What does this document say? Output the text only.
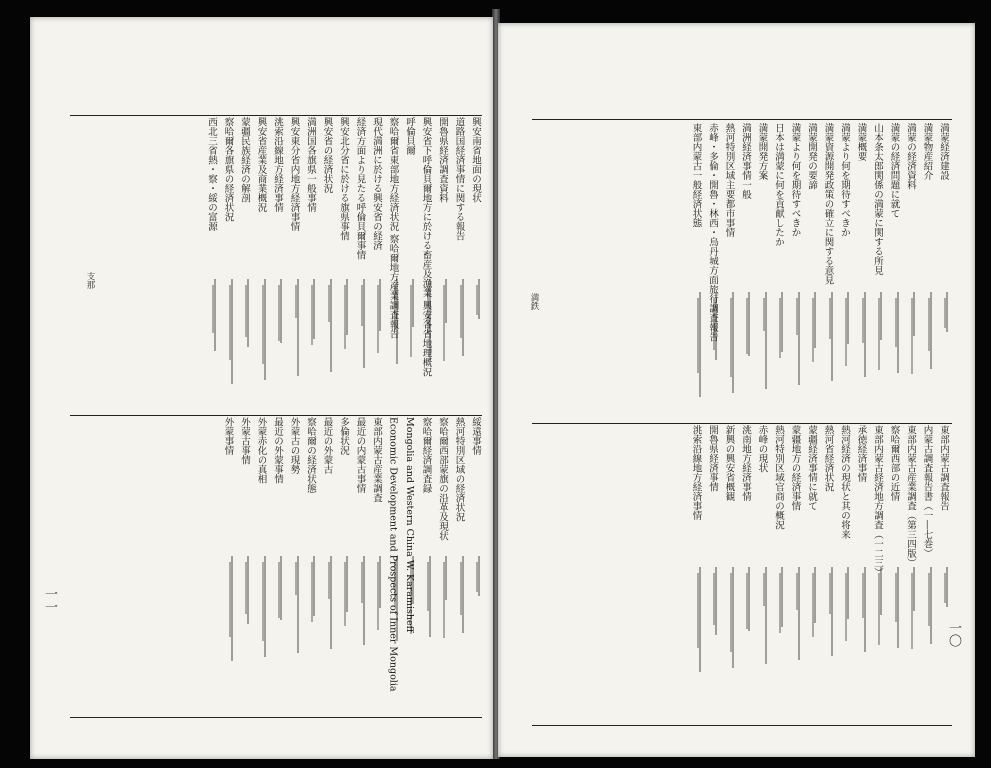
一一
支那
興安南省地面の現状
道路国経済事情に関する報告
開魯県経済調査資料
興安省下呼倫貝爾地方に於ける畜産及漁業 興安各省地理概況
呼倫貝爾
察哈爾省東部地方経済状況 察哈爾地方産業調査報告
現代満洲に於ける興安省の経済
経済方面より見たる呼倫貝爾事情
興安北分省に於ける旗県事情
興安省の経済状況
満洲国各旗県一般事情
興安東分省内地方経済事情
洮索沿線地方経済事情
興安省産業及商業概況
蒙疆民族経済の解剖
察哈爾各旗県の経済状況
西北三省熱・察・綏の富源
綏遠事情
熱河特別区域の経済状況
察哈爾西部蒙旗の沿革及現状
察哈爾経済調査録
Mongolia and Western China W. Karamisheff
Economic Development and Prospects of Inner Mongolia
東部内蒙古産業調査
最近の内蒙古事情
多倫状況
最近の外蒙古
察哈爾の経済状態
外蒙古の現勢
最近の外蒙事情
外蒙赤化の真相
外蒙古事情
外蒙事情
一〇
満鉄
満蒙経済建設
満蒙物産紹介
満蒙の経済資料
満蒙の経済問題に就て
山本条太郎関係の満蒙に関する所見
満蒙概要
満蒙より何を期待すべきか
満蒙資源開発政策の確立に関する意見
満蒙開発の要諦
満蒙より何を期待すべきか
日本は満蒙に何を貢献したか
満蒙開発方案
満洲経済事情一般
熱河特別区域主要都市事情
赤峰・多倫・開魯・林西・烏丹城方面旅行調査報告
東部内蒙古一般経済状態
東部内蒙古調査報告
内蒙古調査報告書（一―七巻）
東部内蒙古産業調査（第三四版）
察哈爾西部の近情
東部内蒙古経済地方調査（一二三）
承徳経済事情
熱河経済の現状と其の将来
熱河省経済状況
蒙疆経済事情に就て
蒙疆地方の経済事情
熱河特別区域官商の概況
赤峰の現状
洮南地方経済事情
新興の興安省概観
開魯県経済事情
洮索沿線地方経済事情
